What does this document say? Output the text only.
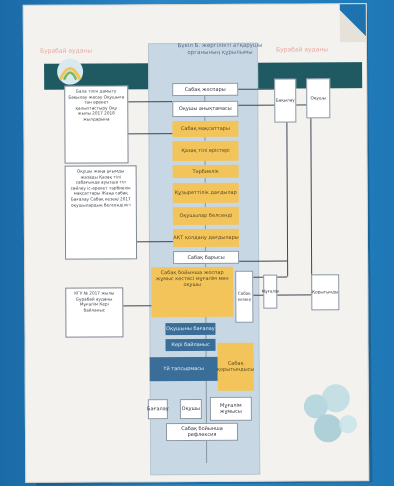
Бурабай ауданы	Бурабай ауданы
Бүкіл Б. жергілікті атқарушы органының құрылымы
Сабақ жоспары
Оқушы анықтамасы
Сабақ мақсаттары
Қазақ тілі өрістері
Тәрбиелік
Құзыреттілік дағдылар
Оқушылар белсенді
АКТ қолдану дағдылары
Сабақ барысы
Сабақ бойынша жоспар жұмыс кестесі мұғалім мен оқушы
Сабақ кезеңі
Оқушыны бағалау
Кері байланыс
Үй тапсырмасы
Сабақ қорытындысы
Бағалау	Оқушы
Мұғалім жұмысы
Сабақ бойынша рефлексия
Бала тілін дамыту Бақылау жасау Оқушыға тән әрекет қалыптастыру Оқу жылы 2017 2018 жылдарына
Оқушы жаңа ұғымды жазады Қазақ тілі сабағында ауызша тіл сөйлеу іс-әрекет тәрбиелік мақсаттары Жаңа сабақ Бағалау Сабақ кезеңі 2017 оқушылардың белсенділігі
КГУ № 2017 жылы Бурабай ауданы Мұғалім Кері байланыс
Бақылау	Оқушы
Мұғалім	Қорытынды
